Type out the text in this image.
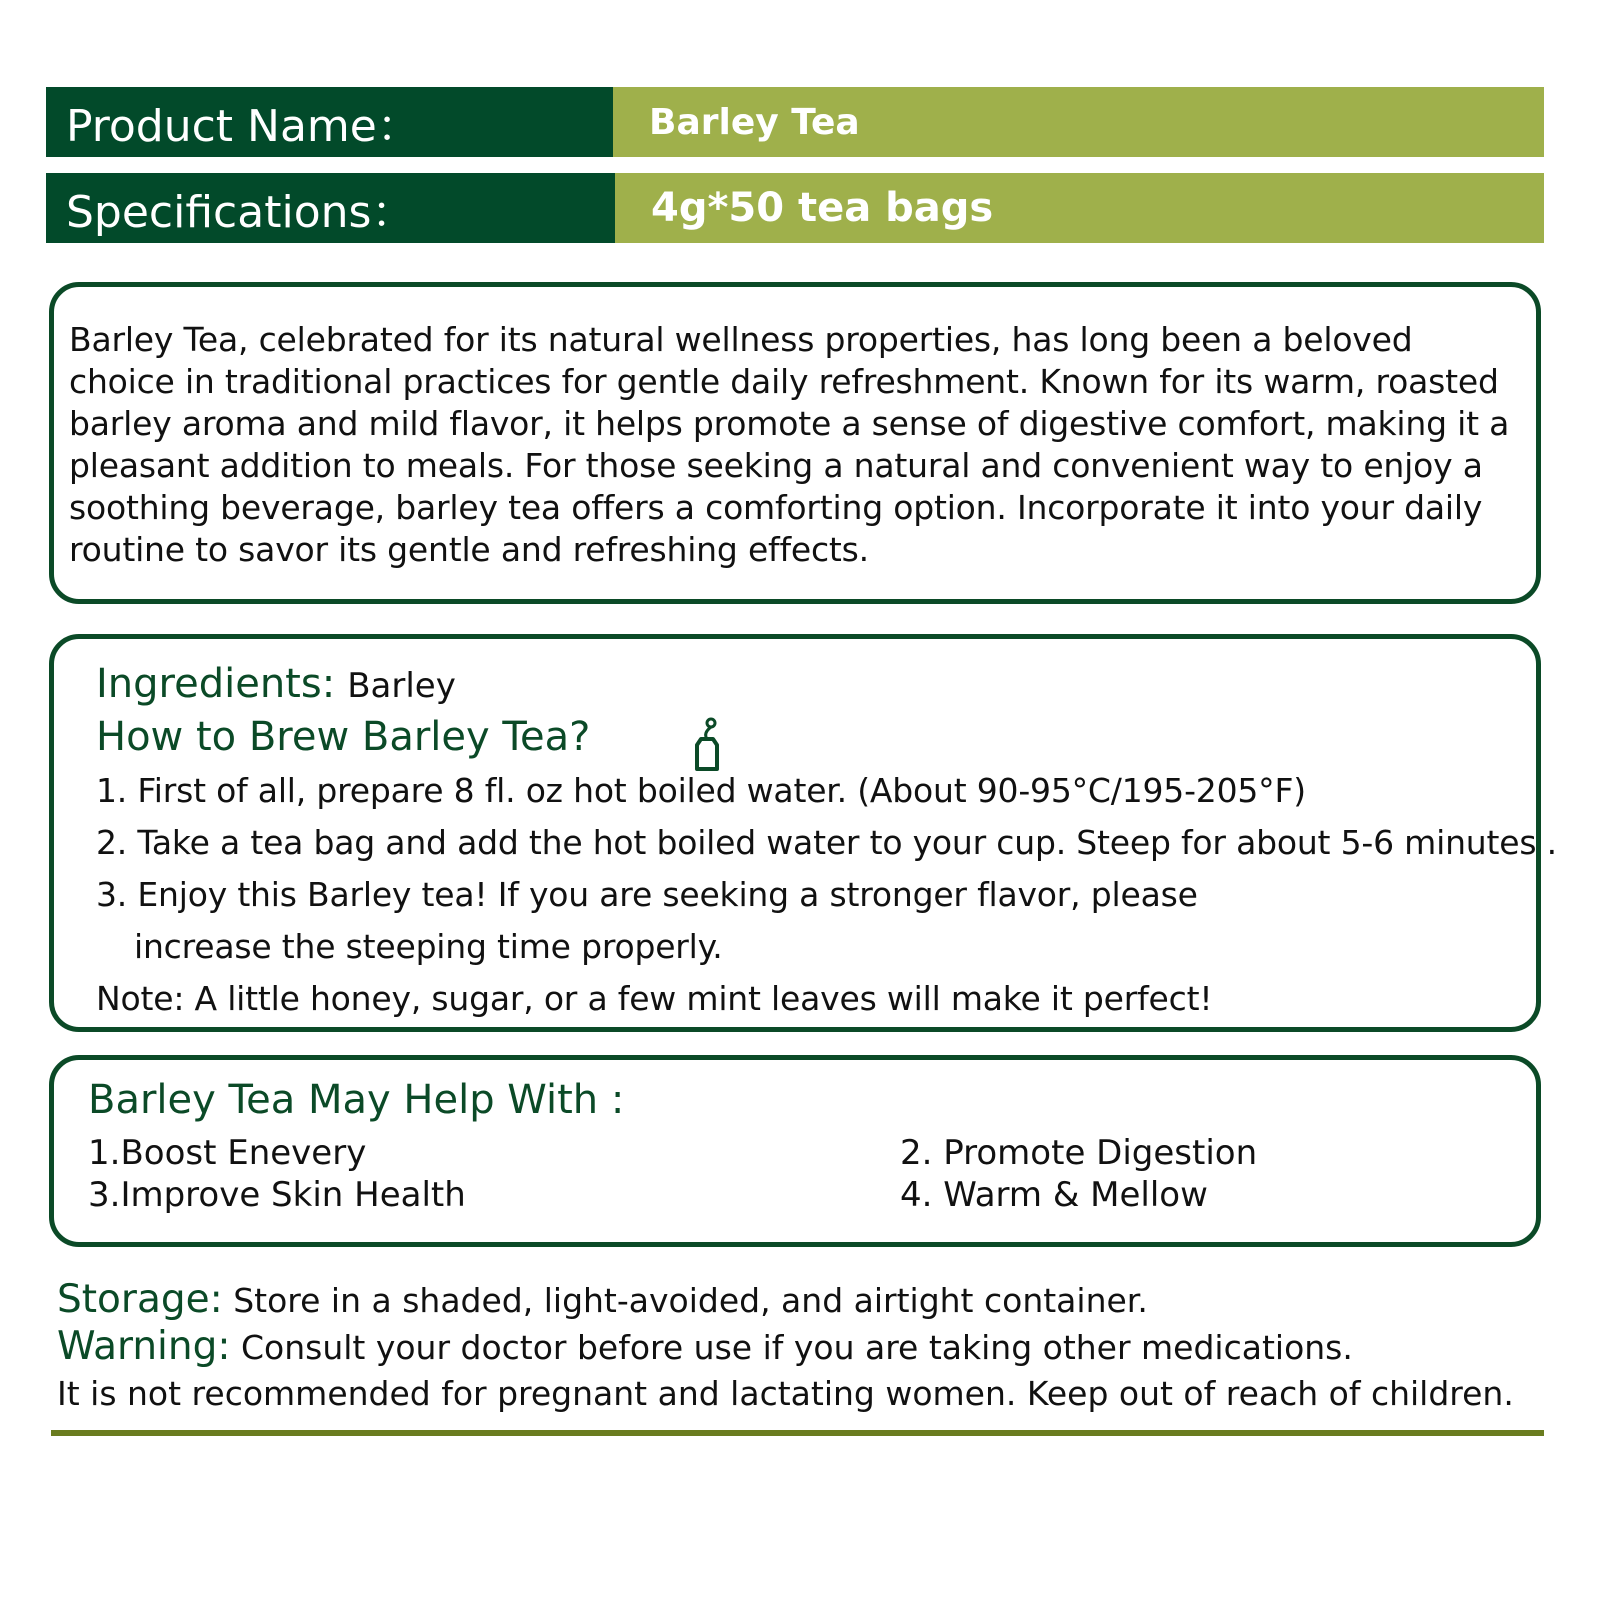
Product Name：	Barley Tea
Specifications：	4g*50 tea bags

Barley Tea, celebrated for its natural wellness properties, has long been a beloved
choice in traditional practices for gentle daily refreshment. Known for its warm, roasted
barley aroma and mild flavor, it helps promote a sense of digestive comfort, making it a
pleasant addition to meals. For those seeking a natural and convenient way to enjoy a
soothing beverage, barley tea offers a comforting option. Incorporate it into your daily
routine to savor its gentle and refreshing effects.

Ingredients: Barley
How to Brew Barley Tea?
1. First of all, prepare 8 fl. oz hot boiled water. (About 90-95°C/195-205°F)
2. Take a tea bag and add the hot boiled water to your cup. Steep for about 5-6 minutes .
3. Enjoy this Barley tea! If you are seeking a stronger flavor, please
increase the steeping time properly.
Note: A little honey, sugar, or a few mint leaves will make it perfect!
Barley Tea May Help With :
1.Boost Enevery	2. Promote Digestion
3.Improve Skin Health	4. Warm & Mellow
Storage: Store in a shaded, light-avoided, and airtight container.
Warning: Consult your doctor before use if you are taking other medications.
It is not recommended for pregnant and lactating women. Keep out of reach of children.
